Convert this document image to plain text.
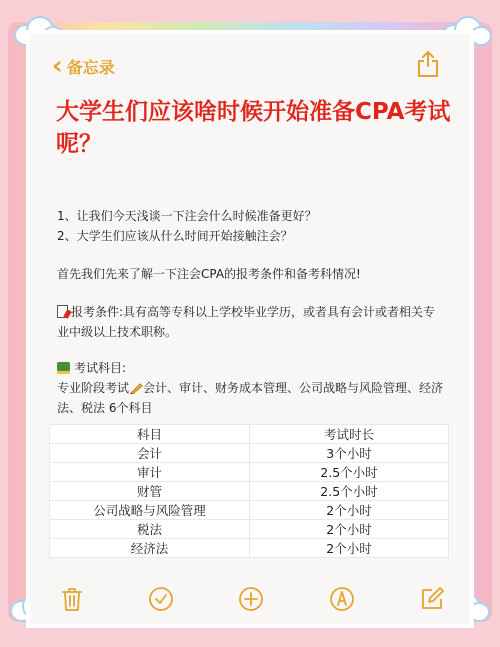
‹ 备忘录
大学生们应该啥时候开始准备CPA考试呢？
1、让我们今天浅谈一下注会什么时候准备更好？
2、大学生们应该从什么时间开始接触注会？
首先我们先来了解一下注会CPA的报考条件和备考科情况!
报考条件:具有高等专科以上学校毕业学历，或者具有会计或者相关专业中级以上技术职称。
考试科目:
专业阶段考试 会计、审计、财务成本管理、公司战略与风险管理、经济法、税法 6个科目
科目	考试时长
会计	3个小时
审计	2.5个小时
财管	2.5个小时
公司战略与风险管理	2个小时
税法	2个小时
经济法	2个小时
